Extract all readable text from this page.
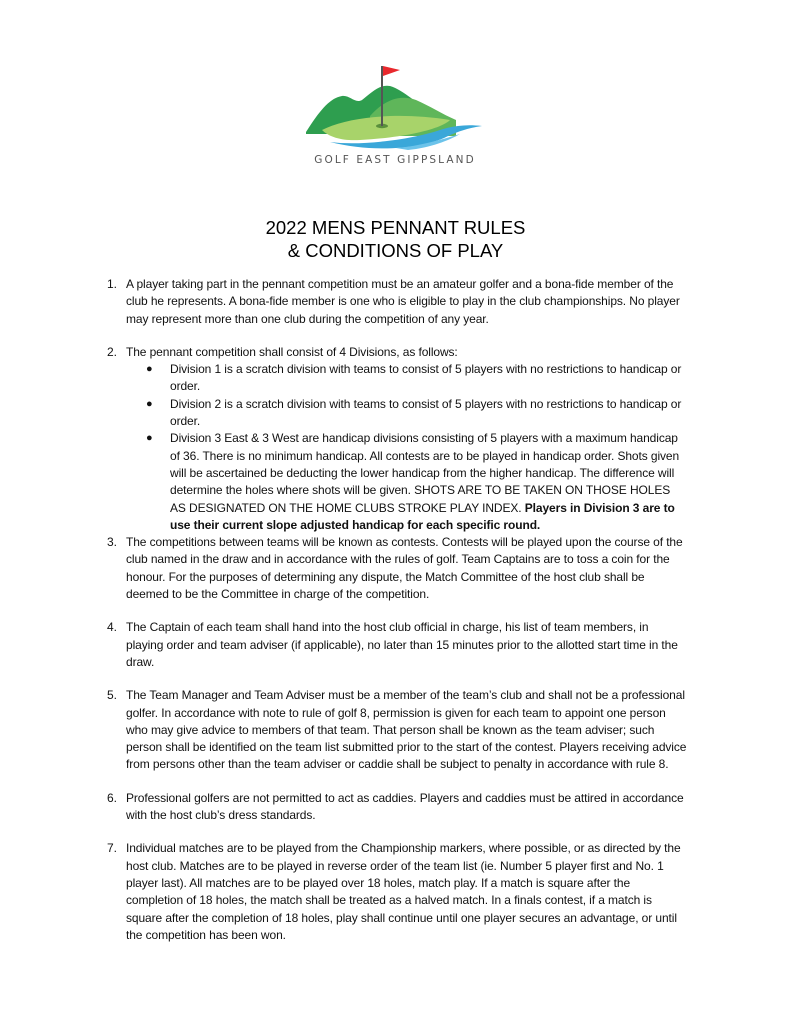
GOLF EAST GIPPSLAND
2022 MENS PENNANT RULES
& CONDITIONS OF PLAY
1. A player taking part in the pennant competition must be an amateur golfer and a bona-fide member of the club he represents. A bona-fide member is one who is eligible to play in the club championships. No player may represent more than one club during the competition of any year.
2. The pennant competition shall consist of 4 Divisions, as follows:
● Division 1 is a scratch division with teams to consist of 5 players with no restrictions to handicap or order.
● Division 2 is a scratch division with teams to consist of 5 players with no restrictions to handicap or order.
● Division 3 East & 3 West are handicap divisions consisting of 5 players with a maximum handicap of 36. There is no minimum handicap. All contests are to be played in handicap order. Shots given will be ascertained be deducting the lower handicap from the higher handicap. The difference will determine the holes where shots will be given. SHOTS ARE TO BE TAKEN ON THOSE HOLES AS DESIGNATED ON THE HOME CLUBS STROKE PLAY INDEX. Players in Division 3 are to use their current slope adjusted handicap for each specific round.
3. The competitions between teams will be known as contests. Contests will be played upon the course of the club named in the draw and in accordance with the rules of golf. Team Captains are to toss a coin for the honour. For the purposes of determining any dispute, the Match Committee of the host club shall be deemed to be the Committee in charge of the competition.
4. The Captain of each team shall hand into the host club official in charge, his list of team members, in playing order and team adviser (if applicable), no later than 15 minutes prior to the allotted start time in the draw.
5. The Team Manager and Team Adviser must be a member of the team’s club and shall not be a professional golfer. In accordance with note to rule of golf 8, permission is given for each team to appoint one person who may give advice to members of that team. That person shall be known as the team adviser; such person shall be identified on the team list submitted prior to the start of the contest. Players receiving advice from persons other than the team adviser or caddie shall be subject to penalty in accordance with rule 8.
6. Professional golfers are not permitted to act as caddies. Players and caddies must be attired in accordance with the host club’s dress standards.
7. Individual matches are to be played from the Championship markers, where possible, or as directed by the host club. Matches are to be played in reverse order of the team list (ie. Number 5 player first and No. 1 player last). All matches are to be played over 18 holes, match play. If a match is square after the completion of 18 holes, the match shall be treated as a halved match. In a finals contest, if a match is square after the completion of 18 holes, play shall continue until one player secures an advantage, or until the competition has been won.
